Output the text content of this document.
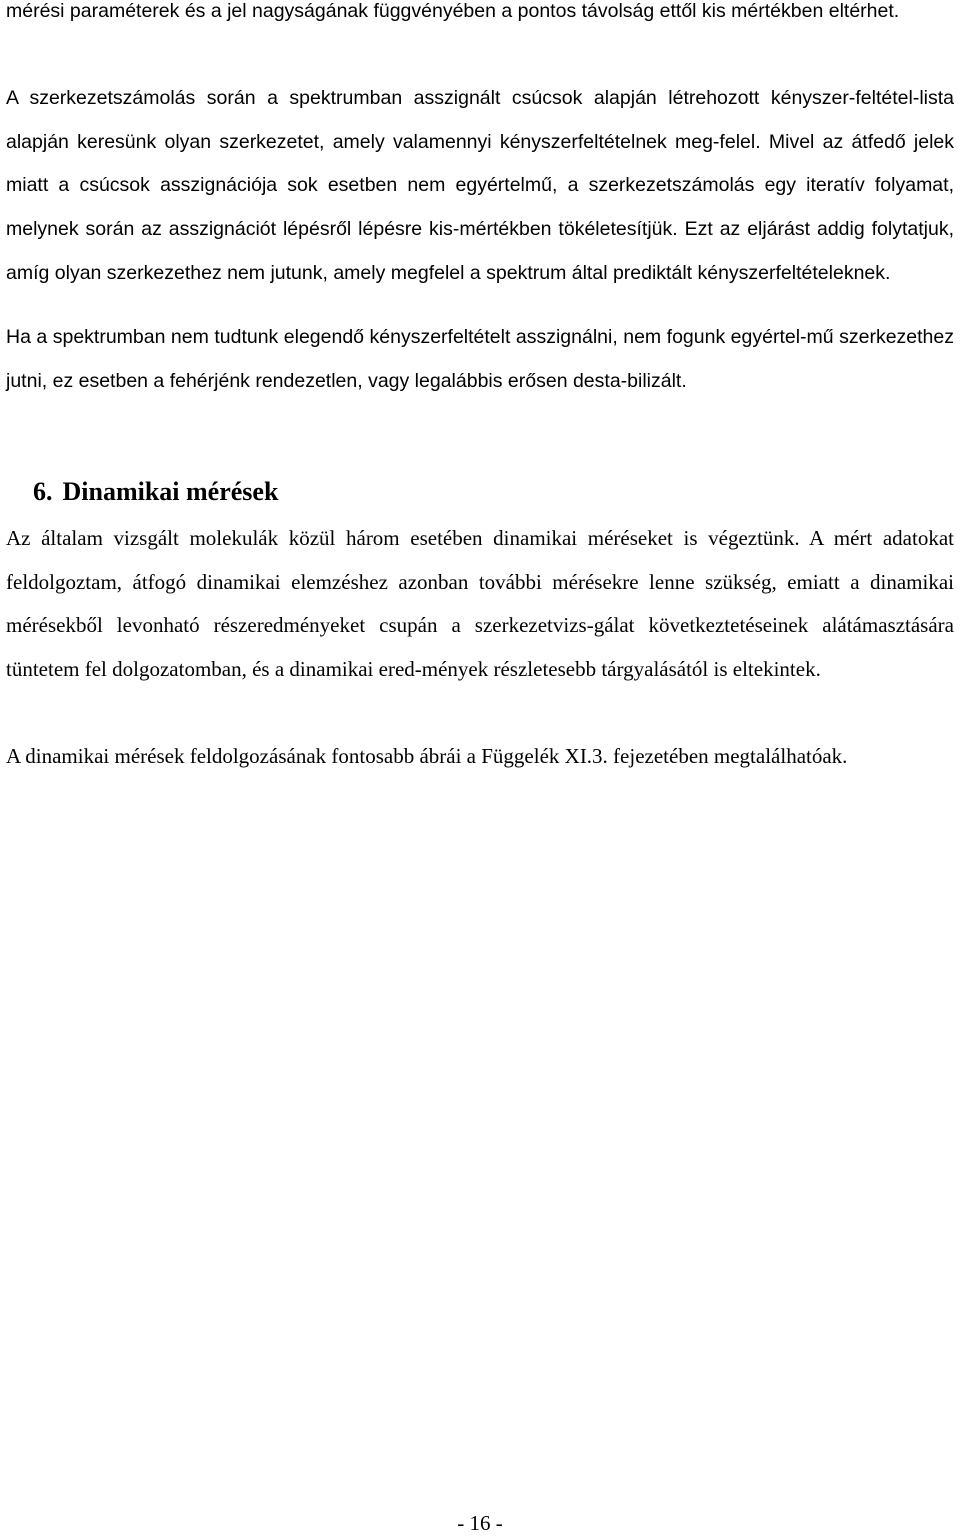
mérési paraméterek és a jel nagyságának függvényében a pontos távolság ettől kis mértékben eltérhet.

A szerkezetszámolás során a spektrumban asszignált csúcsok alapján létrehozott kényszer-feltétel-lista alapján keresünk olyan szerkezetet, amely valamennyi kényszerfeltételnek meg-felel. Mivel az átfedő jelek miatt a csúcsok asszignációja sok esetben nem egyértelmű, a szerkezetszámolás egy iteratív folyamat, melynek során az asszignációt lépésről lépésre kis-mértékben tökéletesítjük. Ezt az eljárást addig folytatjuk, amíg olyan szerkezethez nem jutunk, amely megfelel a spektrum által prediktált kényszerfeltételeknek.

Ha a spektrumban nem tudtunk elegendő kényszerfeltételt asszignálni, nem fogunk egyértel-mű szerkezethez jutni, ez esetben a fehérjénk rendezetlen, vagy legalábbis erősen desta-bilizált.

6. Dinamikai mérések

Az általam vizsgált molekulák közül három esetében dinamikai méréseket is végeztünk. A mért adatokat feldolgoztam, átfogó dinamikai elemzéshez azonban további mérésekre lenne szükség, emiatt a dinamikai mérésekből levonható részeredményeket csupán a szerkezetvizs-gálat következtetéseinek alátámasztására tüntetem fel dolgozatomban, és a dinamikai ered-mények részletesebb tárgyalásától is eltekintek.

A dinamikai mérések feldolgozásának fontosabb ábrái a Függelék XI.3. fejezetében megtalálhatóak.

- 16 -
